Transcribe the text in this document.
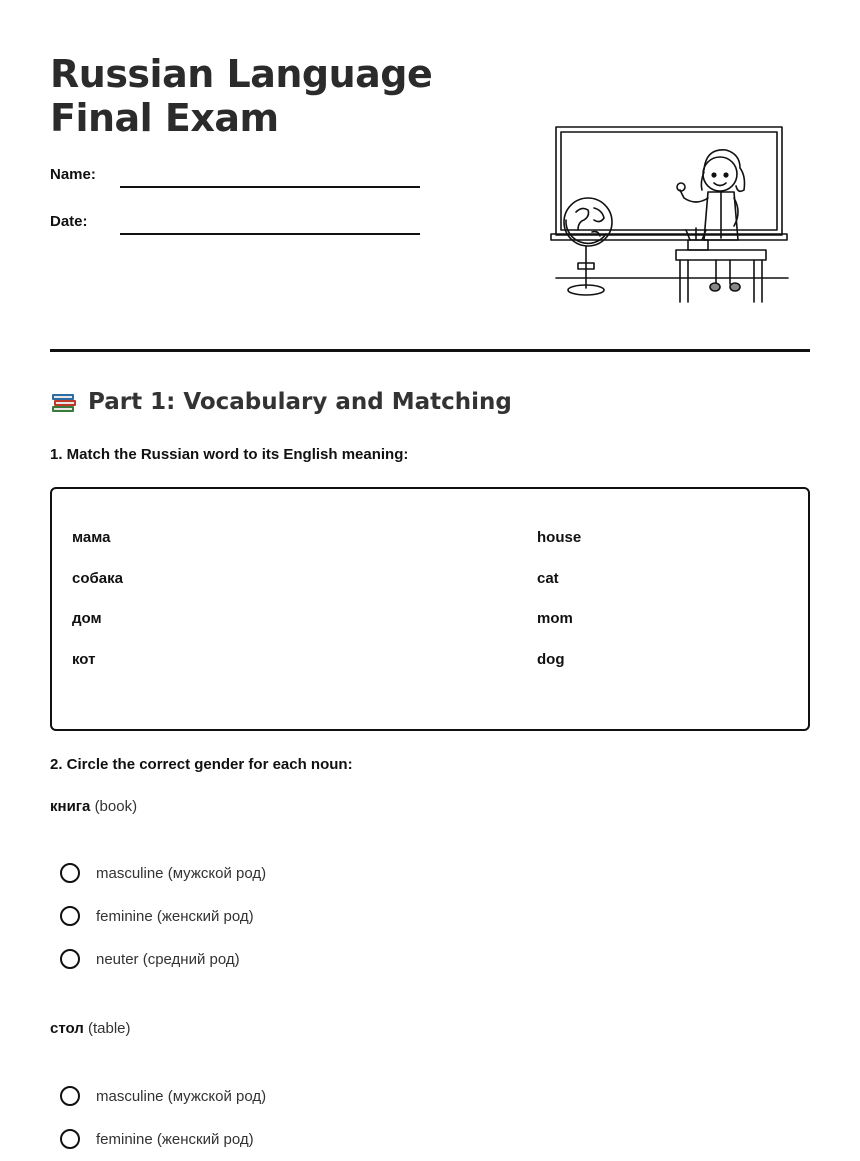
Russian Language Final Exam
Name:
Date:
Part 1: Vocabulary and Matching
1. Match the Russian word to its English meaning:
мама
собака
дом
кот
house
cat
mom
dog
2. Circle the correct gender for each noun:
книга (book)
masculine (мужской род)
feminine (женский род)
neuter (средний род)
стол (table)
masculine (мужской род)
feminine (женский род)
